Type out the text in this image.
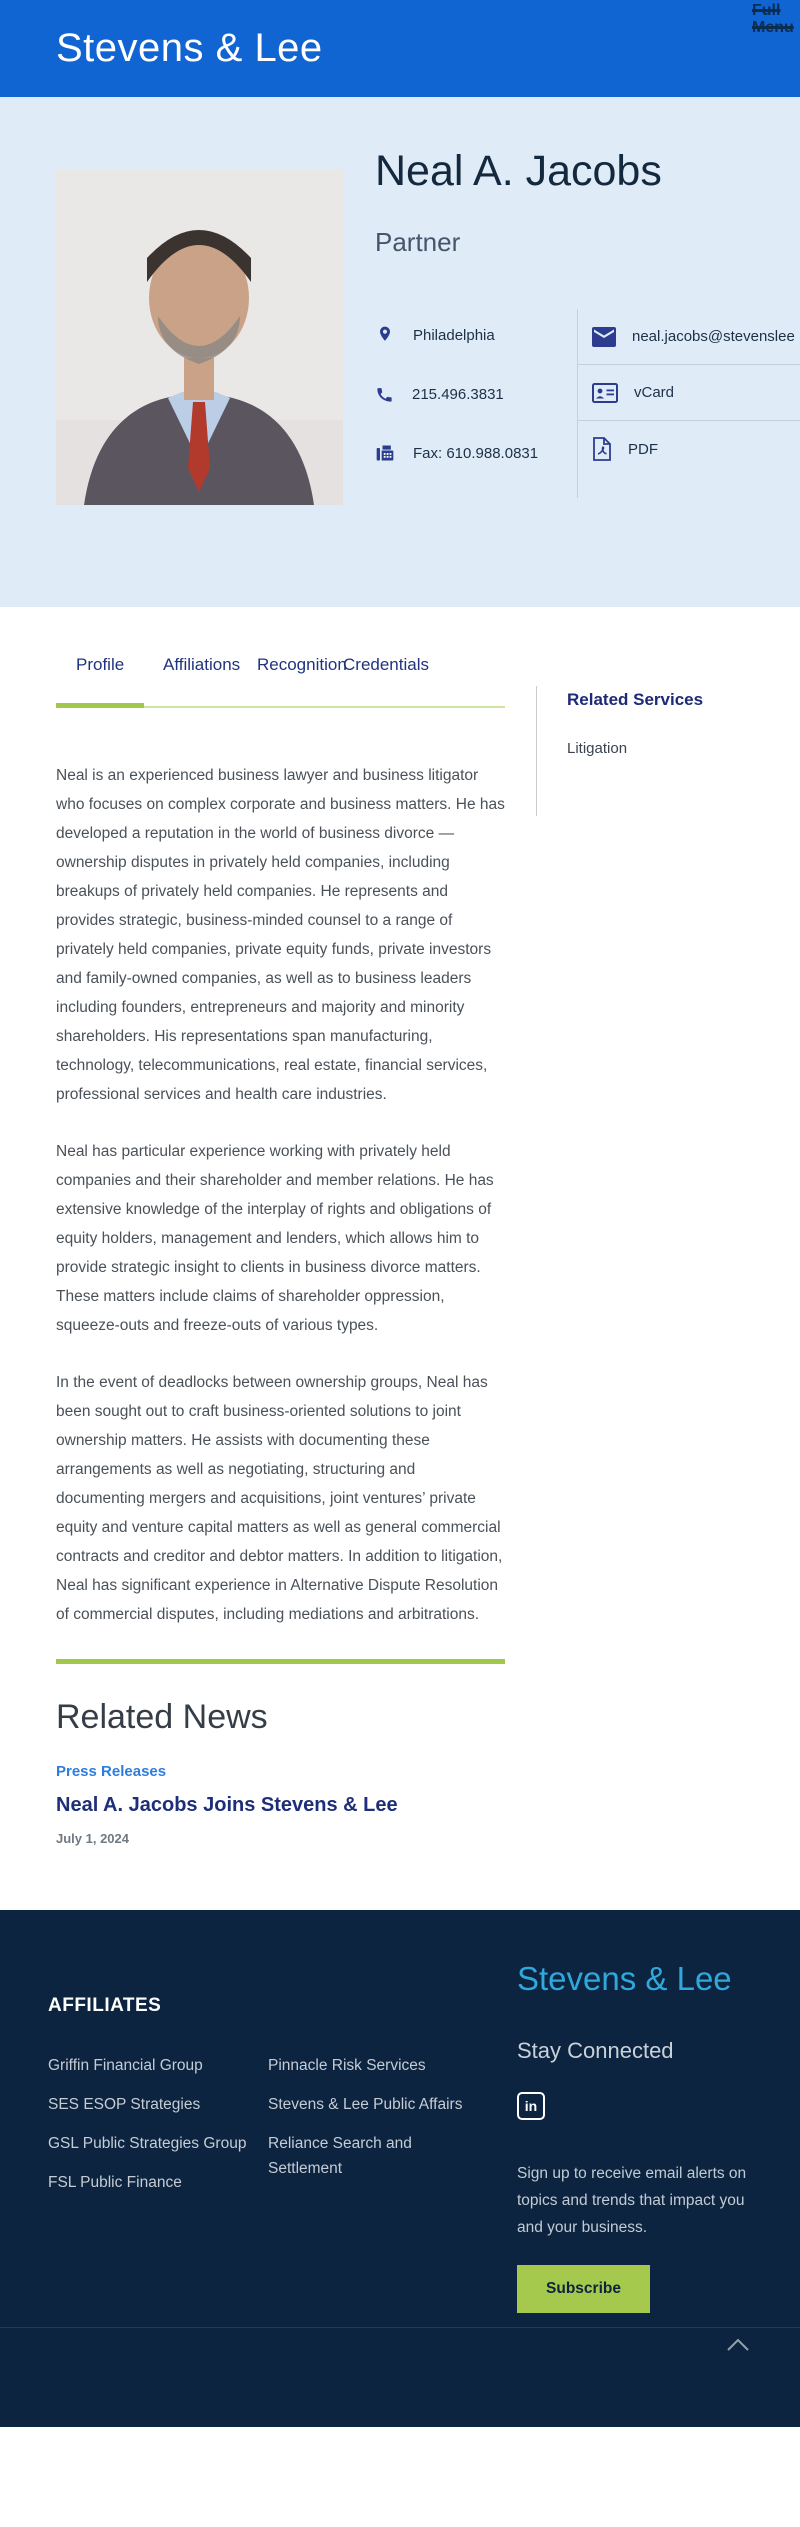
Stevens & Lee
Full
Menu
Neal A. Jacobs
Partner
Philadelphia
215.496.3831
Fax: 610.988.0831
neal.jacobs@stevenslee
vCard
PDF
Profile Affiliations Recognition
Credentials

Neal is an experienced business lawyer and business litigator who focuses on complex corporate and business matters. He has developed a reputation in the world of business divorce — ownership disputes in privately held companies, including breakups of privately held companies. He represents and provides strategic, business-minded counsel to a range of privately held companies, private equity funds, private investors and family-owned companies, as well as to business leaders including founders, entrepreneurs and majority and minority shareholders. His representations span manufacturing, technology, telecommunications, real estate, financial services, professional services and health care industries.

Neal has particular experience working with privately held companies and their shareholder and member relations. He has extensive knowledge of the interplay of rights and obligations of equity holders, management and lenders, which allows him to provide strategic insight to clients in business divorce matters. These matters include claims of shareholder oppression, squeeze-outs and freeze-outs of various types.

In the event of deadlocks between ownership groups, Neal has been sought out to craft business-oriented solutions to joint ownership matters. He assists with documenting these arrangements as well as negotiating, structuring and documenting mergers and acquisitions, joint ventures’ private equity and venture capital matters as well as general commercial contracts and creditor and debtor matters. In addition to litigation, Neal has significant experience in Alternative Dispute Resolution of commercial disputes, including mediations and arbitrations.

Related News
Press Releases
Neal A. Jacobs Joins Stevens & Lee
July 1, 2024
Related Services
Litigation
AFFILIATES
Griffin Financial Group
SES ESOP Strategies
GSL Public Strategies Group
FSL Public Finance
Pinnacle Risk Services
Stevens & Lee Public Affairs
Reliance Search and Settlement
Stevens & Lee
Stay Connected
in
Sign up to receive email alerts on topics and trends that impact you and your business.
Subscribe
